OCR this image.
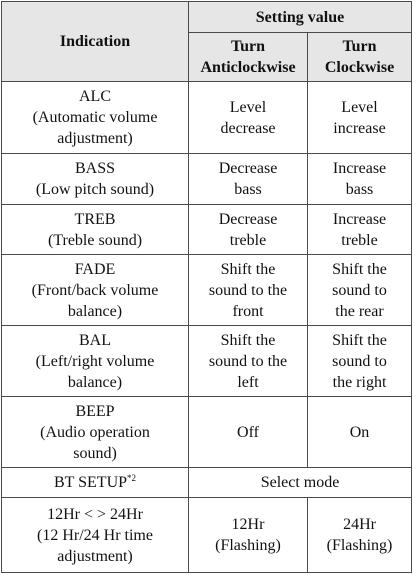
Indication	Setting value	

	Turn
Anticlockwise	Turn
Clockwise

ALC
(Automatic volume
adjustment)	Level
decrease	Level
increase

BASS
(Low pitch sound)	Decrease
bass	Increase
bass

TREB
(Treble sound)	Decrease
treble	Increase
treble

FADE
(Front/back volume
balance)	Shift the
sound to the
front	Shift the
sound to
the rear

BAL
(Left/right volume
balance)	Shift the
sound to the
left	Shift the
sound to
the right

BEEP
(Audio operation
sound)	Off	On

BT SETUP$^{*2}$	Select mode	

12Hr < > 24Hr
(12 Hr/24 Hr time
adjustment)	12Hr
(Flashing)	24Hr
(Flashing)
